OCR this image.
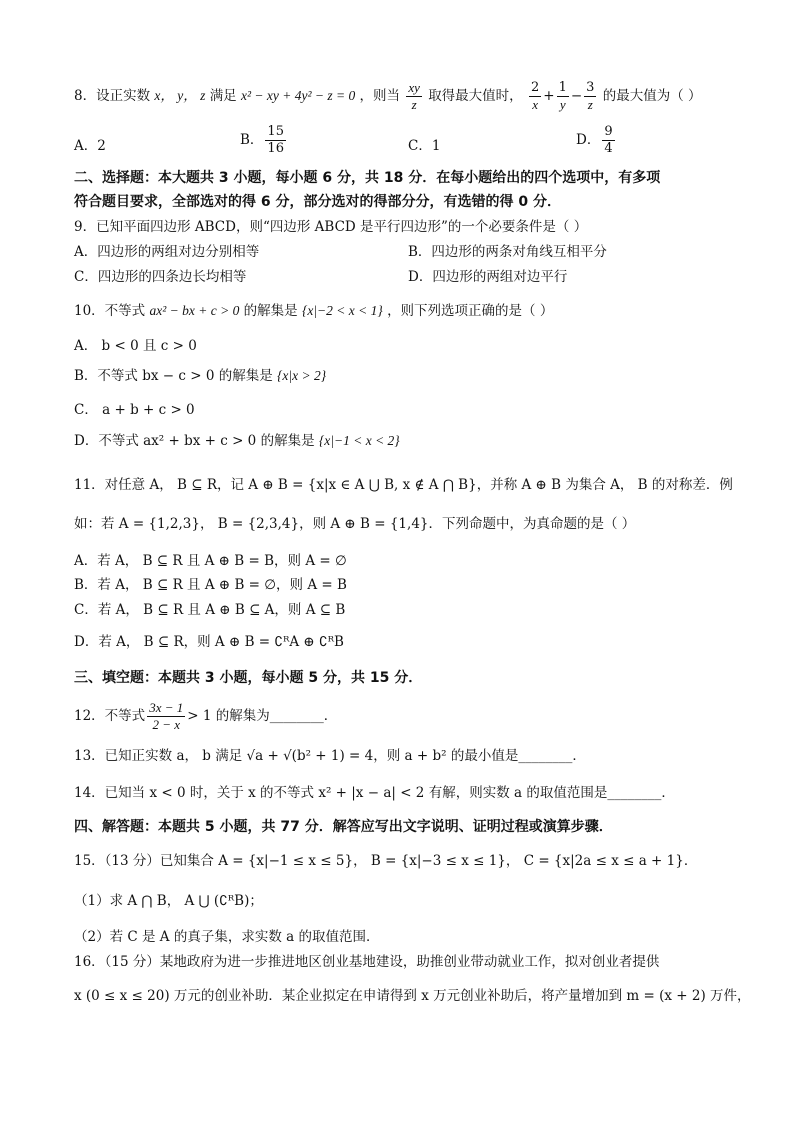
8．设正实数 x， y， z 满足 x² − xy + 4y² − z = 0 ，则当 $\frac{xy}{z}$ 取得最大值时， $\frac{2}{x} + \frac{1}{y} - \frac{3}{z}$ 的最大值为（ ）
A．2	B． $\frac{15}{16}$	C．1	D． $\frac{9}{4}$
二、选择题：本大题共 3 小题，每小题 6 分，共 18 分．在每小题给出的四个选项中，有多项
符合题目要求，全部选对的得 6 分，部分选对的得部分分，有选错的得 0 分．
9．已知平面四边形 ABCD，则“四边形 ABCD 是平行四边形”的一个必要条件是（ ）
A．四边形的两组对边分别相等	B．四边形的两条对角线互相平分
C．四边形的四条边长均相等	D．四边形的两组对边平行
10．不等式 ax² − bx + c > 0 的解集是 {x|−2 < x < 1} ，则下列选项正确的是（ ）
A． b < 0 且 c > 0
B．不等式 bx − c > 0 的解集是 {x|x > 2}
C． a + b + c > 0
D．不等式 ax² + bx + c > 0 的解集是 {x|−1 < x < 2}
11．对任意 A， B ⊆ R，记 A ⊕ B = {x|x ∈ A ⋃ B, x ∉ A ⋂ B}，并称 A ⊕ B 为集合 A， B 的对称差．例
如：若 A = {1,2,3}， B = {2,3,4}，则 A ⊕ B = {1,4}．下列命题中，为真命题的是（ ）
A．若 A， B ⊆ R 且 A ⊕ B = B，则 A = ∅
B．若 A， B ⊆ R 且 A ⊕ B = ∅，则 A = B
C．若 A， B ⊆ R 且 A ⊕ B ⊆ A，则 A ⊆ B
D．若 A， B ⊆ R，则 A ⊕ B = ∁ᴿA ⊕ ∁ᴿB
三、填空题：本题共 3 小题，每小题 5 分，共 15 分．
12．不等式 $\frac{3x - 1}{2 - x} > 1$ 的解集为________．
13．已知正实数 a， b 满足 √a + √(b² + 1) = 4，则 a + b² 的最小值是________．
14．已知当 x < 0 时，关于 x 的不等式 x² + |x − a| < 2 有解，则实数 a 的取值范围是________．
四、解答题：本题共 5 小题，共 77 分．解答应写出文字说明、证明过程或演算步骤．
15．（13 分）已知集合 A = {x|−1 ≤ x ≤ 5}， B = {x|−3 ≤ x ≤ 1}， C = {x|2a ≤ x ≤ a + 1}．
（1）求 A ⋂ B， A ⋃ (∁ᴿB)；
（2）若 C 是 A 的真子集，求实数 a 的取值范围．
16．（15 分）某地政府为进一步推进地区创业基地建设，助推创业带动就业工作，拟对创业者提供
x (0 ≤ x ≤ 20) 万元的创业补助．某企业拟定在申请得到 x 万元创业补助后，将产量增加到 m = (x + 2) 万件，
